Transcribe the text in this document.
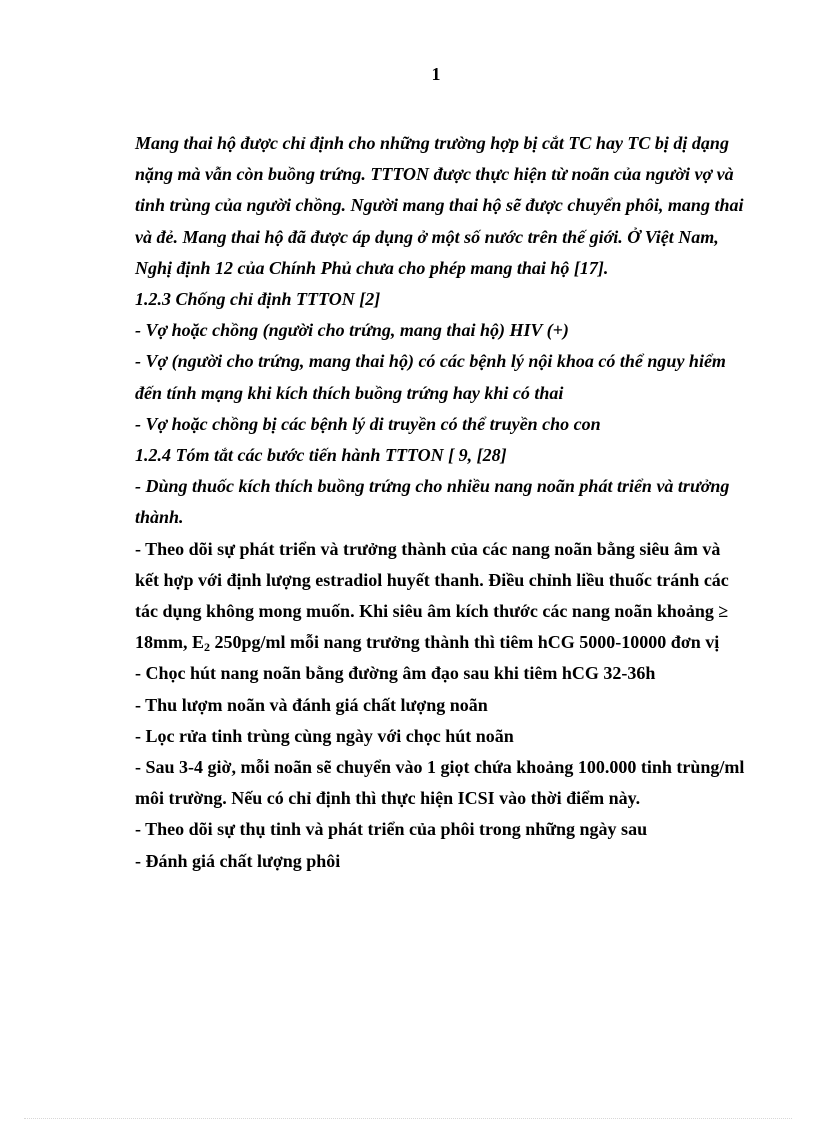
1

Mang thai hộ được chỉ định cho những trường hợp bị cắt TC hay TC bị dị dạng nặng mà vẫn còn buồng trứng. TTTON được thực hiện từ noãn của người vợ và tinh trùng của người chồng. Người mang thai hộ sẽ được chuyển phôi, mang thai và đẻ. Mang thai hộ đã được áp dụng ở một số nước trên thế giới. Ở Việt Nam, Nghị định 12 của Chính Phủ chưa cho phép mang thai hộ [17].

1.2.3 Chống chỉ định TTTON [2]

- Vợ hoặc chồng (người cho trứng, mang thai hộ) HIV (+)

- Vợ (người cho trứng, mang thai hộ) có các bệnh lý nội khoa có thể nguy hiểm đến tính mạng khi kích thích buồng trứng hay khi có thai

- Vợ hoặc chồng bị các bệnh lý di truyền có thể truyền cho con

1.2.4 Tóm tắt các bước tiến hành TTTON [ 9, [28]

- Dùng thuốc kích thích buồng trứng cho nhiều nang noãn phát triển và trưởng thành.

- Theo dõi sự phát triển và trưởng thành của các nang noãn bằng siêu âm và kết hợp với định lượng estradiol huyết thanh. Điều chỉnh liều thuốc tránh các tác dụng không mong muốn. Khi siêu âm kích thước các nang noãn khoảng ≥ 18mm, $E_2$ 250pg/ml mỗi nang trưởng thành thì tiêm hCG 5000-10000 đơn vị

- Chọc hút nang noãn bằng đường âm đạo sau khi tiêm hCG 32-36h

- Thu lượm noãn và đánh giá chất lượng noãn

- Lọc rửa tinh trùng cùng ngày với chọc hút noãn

- Sau 3-4 giờ, mỗi noãn sẽ chuyển vào 1 giọt chứa khoảng 100.000 tinh trùng/ml môi trường. Nếu có chỉ định thì thực hiện ICSI vào thời điểm này.

- Theo dõi sự thụ tinh và phát triển của phôi trong những ngày sau

- Đánh giá chất lượng phôi
